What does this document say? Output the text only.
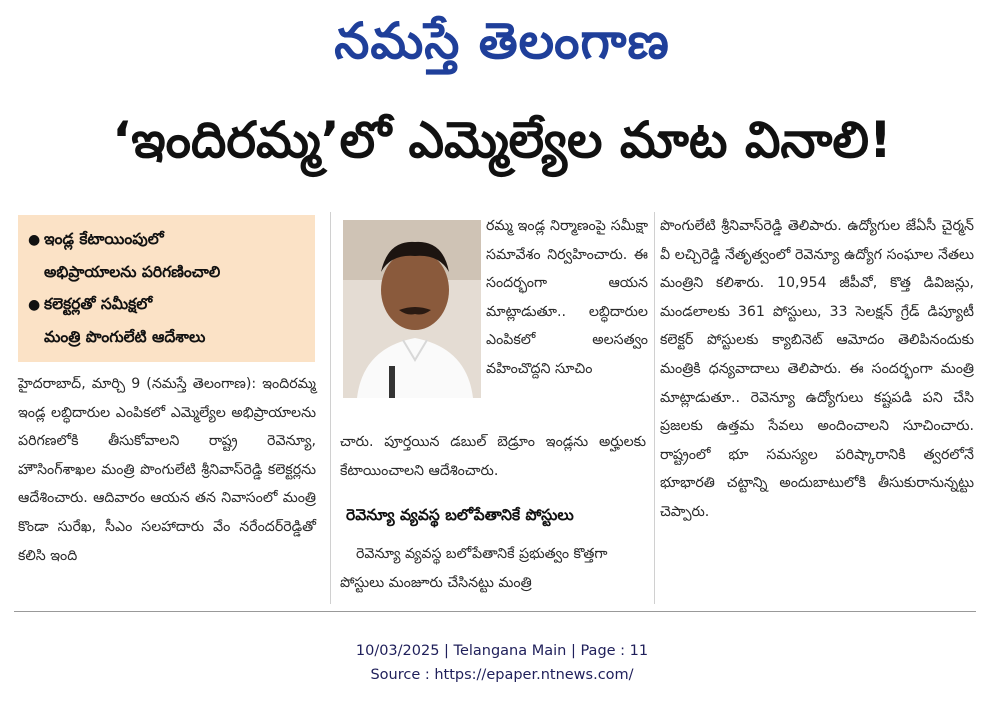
నమస్తే తెలంగాణ
‘ఇందిరమ్మ’లో ఎమ్మెల్యేల మాట వినాలి!
● ఇండ్ల కేటాయింపులో
అభిప్రాయాలను పరిగణించాలి
● కలెక్టర్లతో సమీక్షలో
మంత్రి పొంగులేటి ఆదేశాలు

హైదరాబాద్, మార్చి 9 (నమస్తే తెలంగాణ): ఇందిరమ్మ ఇండ్ల లబ్ధిదారుల ఎంపికలో ఎమ్మెల్యేల అభిప్రాయాలను పరిగణలోకి తీసుకోవాలని రాష్ట్ర రెవెన్యూ, హౌసింగ్‌శాఖల మంత్రి పొంగులేటి శ్రీనివాస్‌రెడ్డి కలెక్టర్లను ఆదేశించారు. ఆదివారం ఆయన తన నివాసంలో మంత్రి కొండా సురేఖ, సీఎం సలహాదారు వేం నరేందర్‌రెడ్డితో కలిసి ఇంది

రమ్మ ఇండ్ల నిర్మాణంపై సమీక్షా సమావేశం నిర్వహించారు. ఈ సందర్భంగా ఆయన మాట్లాడుతూ.. లబ్ధిదారుల ఎంపికలో అలసత్వం వహించొద్దని సూచిం

చారు. పూర్తయిన డబుల్ బెడ్రూం ఇండ్లను అర్హులకు కేటాయించాలని ఆదేశించారు.

రెవెన్యూ వ్యవస్థ బలోపేతానికే పోస్టులు

రెవెన్యూ వ్యవస్థ బలోపేతానికే ప్రభుత్వం కొత్తగా పోస్టులు మంజూరు చేసినట్టు మంత్రి

పొంగులేటి శ్రీనివాస్‌రెడ్డి తెలిపారు. ఉద్యోగుల జేఏసీ చైర్మన్ వీ లచ్చిరెడ్డి నేతృత్వంలో రెవెన్యూ ఉద్యోగ సంఘాల నేతలు మంత్రిని కలిశారు. 10,954 జీపీవో, కొత్త డివిజన్లు, మండలాలకు 361 పోస్టులు, 33 సెలక్షన్ గ్రేడ్ డిప్యూటీ కలెక్టర్ పోస్టులకు క్యాబినెట్ ఆమోదం తెలిపినందుకు మంత్రికి ధన్యవాదాలు తెలిపారు. ఈ సందర్భంగా మంత్రి మాట్లాడుతూ.. రెవెన్యూ ఉద్యోగులు కష్టపడి పని చేసి ప్రజలకు ఉత్తమ సేవలు అందించాలని సూచించారు. రాష్ట్రంలో భూ సమస్యల పరిష్కారానికి త్వరలోనే భూభారతి చట్టాన్ని అందుబాటులోకి తీసుకురానున్నట్టు చెప్పారు.

10/03/2025 | Telangana Main | Page : 11
Source : https://epaper.ntnews.com/
